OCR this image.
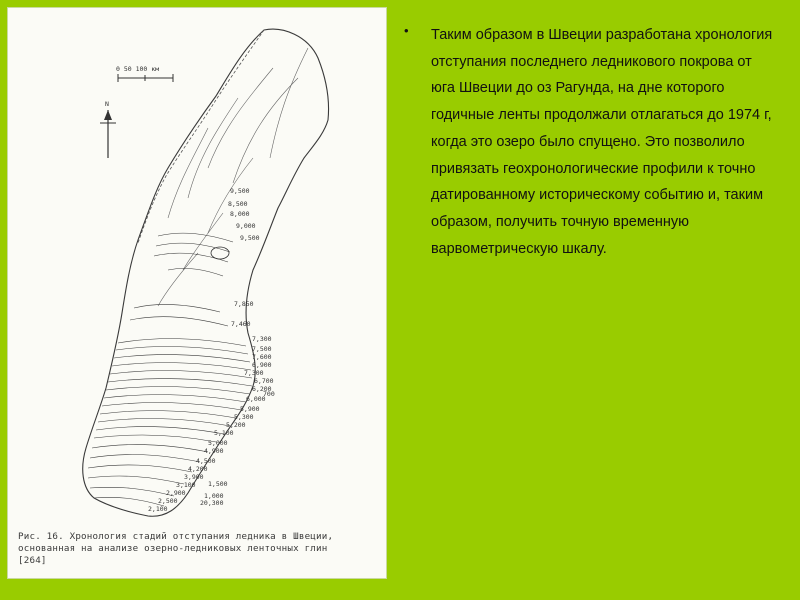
0 50 100 км
N
9,500
8,500
8,000
9,000
9,500
7,850
7,460
7,300
7,500
7,600
6,900
7,300
6,700
6,200
6,000
5,900
5,300
5,200
5,100
5,000
4,900
4,500
4,200
3,900
3,100
2,900
2,500
2,100
1,500
1,000
700
20,300
Рис. 16. Хронология стадий отступания ледника в Швеции,
основанная на анализе озерно-ледниковых ленточных глин
[264]
• Таким образом в Швеции разработана хронология отступания последнего ледникового покрова от юга Швеции до оз Рагунда, на дне которого годичные ленты продолжали отлагаться до 1974 г, когда это озеро было спущено. Это позволило привязать геохронологические профили к точно датированному историческому событию и, таким образом, получить точную временную варвометрическую шкалу.
